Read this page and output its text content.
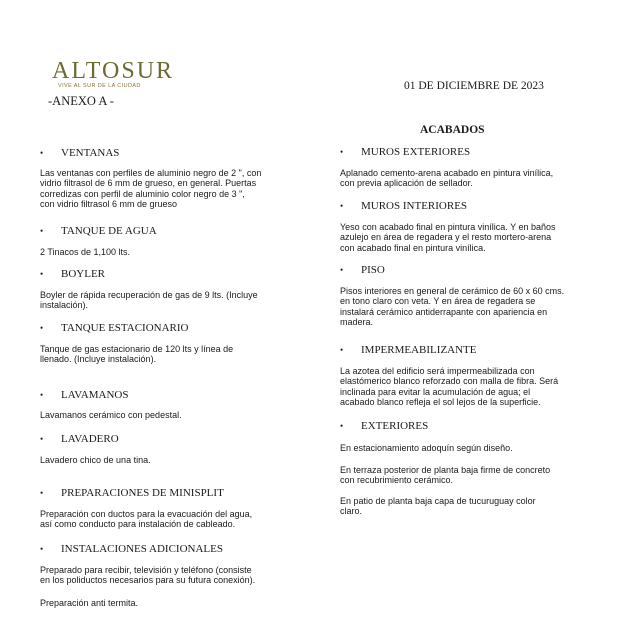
ALTOSUR
VIVE AL SUR DE LA CIUDAD
-ANEXO A -
01 DE DICIEMBRE DE 2023
ACABADOS
• VENTANAS
Las ventanas con perfiles de aluminio negro de 2 ", con
vidrio filtrasol de 6 mm de grueso, en general. Puertas
corredizas con perfil de aluminio color negro de 3 ",
con vidrio filtrasol 6 mm de grueso
• TANQUE DE AGUA
2 Tinacos de 1,100 lts.
• BOYLER
Boyler de rápida recuperación de gas de 9 lts. (Incluye
instalación).
• TANQUE ESTACIONARIO
Tanque de gas estacionario de 120 lts y línea de
llenado. (Incluye instalación).
• LAVAMANOS
Lavamanos cerámico con pedestal.
• LAVADERO
Lavadero chico de una tina.
• PREPARACIONES DE MINISPLIT
Preparación con ductos para la evacuación del agua,
así como conducto para instalación de cableado.
• INSTALACIONES ADICIONALES
Preparado para recibir, televisión y teléfono (consiste
en los poliductos necesarios para su futura conexión).
Preparación anti termita.
• MUROS EXTERIORES
Aplanado cemento-arena acabado en pintura vinílica,
con previa aplicación de sellador.
• MUROS INTERIORES
Yeso con acabado final en pintura vinílica. Y en baños
azulejo en área de regadera y el resto mortero-arena
con acabado final en pintura vinílica.
• PISO
Pisos interiores en general de cerámico de 60 x 60 cms.
en tono claro con veta. Y en área de regadera se
instalará cerámico antiderrapante con apariencia en
madera.
• IMPERMEABILIZANTE
La azotea del edificio será impermeabilizada con
elastómerico blanco reforzado con malla de fibra. Será
inclinada para evitar la acumulación de agua; el
acabado blanco refleja el sol lejos de la superficie.
• EXTERIORES
En estacionamiento adoquín según diseño.
En terraza posterior de planta baja firme de concreto
con recubrimiento cerámico.
En patio de planta baja capa de tucuruguay color
claro.
